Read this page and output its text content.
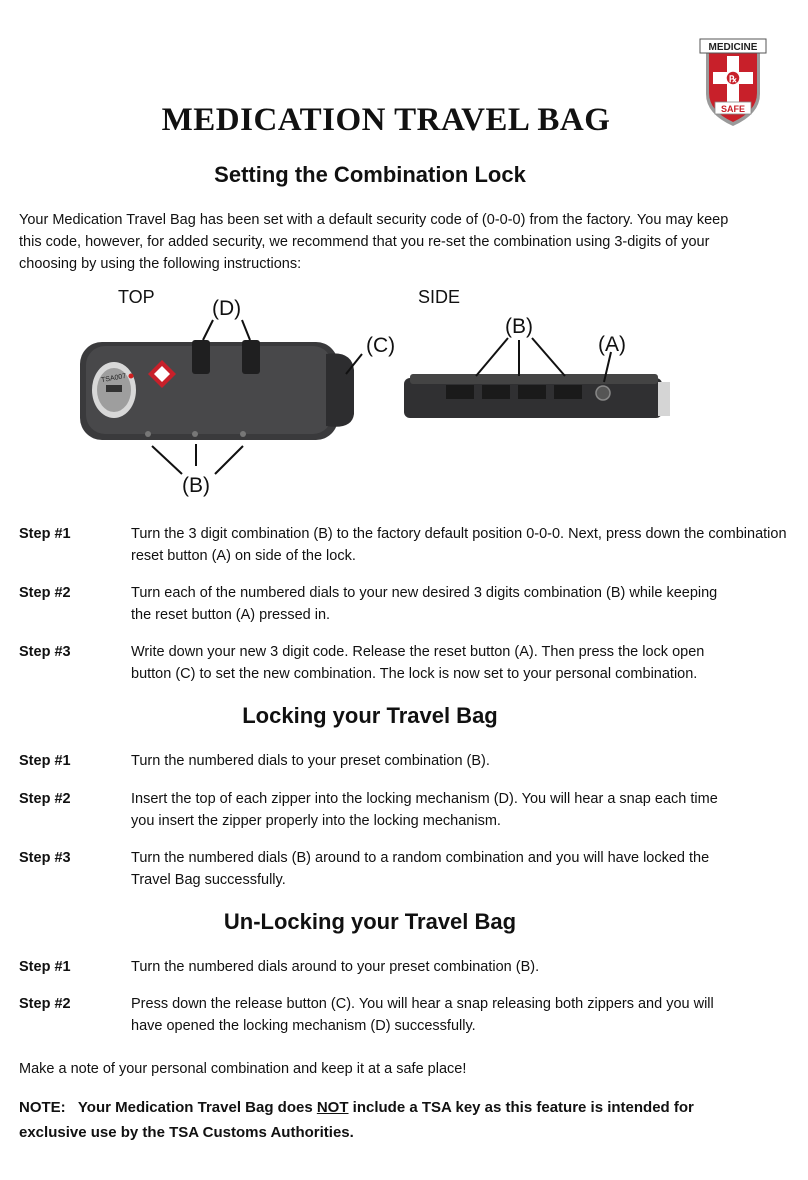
℞
MEDICINE
SAFE
MEDICATION TRAVEL BAG
Setting the Combination Lock
Your Medication Travel Bag has been set with a default security code of (0-0-0) from the factory. You may keep
this code, however, for added security, we recommend that you re-set the combination using 3-digits of your
choosing by using the following instructions:
TSA007
TOP	SIDE
(D)
(C)
(B)
(B)
(A)
Step #1	Turn the 3 digit combination (B) to the factory default position 0-0-0. Next, press down the combination
reset button (A) on side of the lock.
Step #2	Turn each of the numbered dials to your new desired 3 digits combination (B) while keeping
the reset button (A) pressed in.
Step #3	Write down your new 3 digit code. Release the reset button (A). Then press the lock open
button (C) to set the new combination. The lock is now set to your personal combination.
Locking your Travel Bag
Step #1	Turn the numbered dials to your preset combination (B).
Step #2	Insert the top of each zipper into the locking mechanism (D). You will hear a snap each time
you insert the zipper properly into the locking mechanism.
Step #3	Turn the numbered dials (B) around to a random combination and you will have locked the
Travel Bag successfully.
Un-Locking your Travel Bag
Step #1	Turn the numbered dials around to your preset combination (B).
Step #2	Press down the release button (C). You will hear a snap releasing both zippers and you will
have opened the locking mechanism (D) successfully.
Make a note of your personal combination and keep it at a safe place!
NOTE:   Your Medication Travel Bag does NOT include a TSA key as this feature is intended for
exclusive use by the TSA Customs Authorities.
